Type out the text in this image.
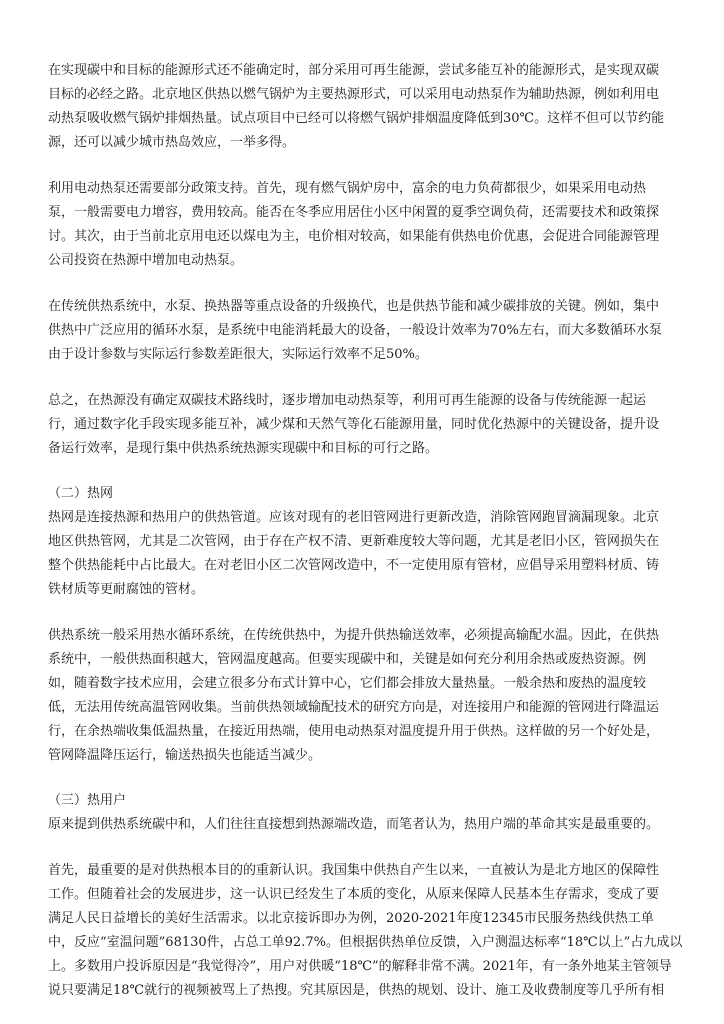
在实现碳中和目标的能源形式还不能确定时，部分采用可再生能源，尝试多能互补的能源形式，是实现双碳
目标的必经之路。北京地区供热以燃气锅炉为主要热源形式，可以采用电动热泵作为辅助热源，例如利用电
动热泵吸收燃气锅炉排烟热量。试点项目中已经可以将燃气锅炉排烟温度降低到30℃。这样不但可以节约能
源，还可以减少城市热岛效应，一举多得。

利用电动热泵还需要部分政策支持。首先，现有燃气锅炉房中，富余的电力负荷都很少，如果采用电动热
泵，一般需要电力增容，费用较高。能否在冬季应用居住小区中闲置的夏季空调负荷，还需要技术和政策探
讨。其次，由于当前北京用电还以煤电为主，电价相对较高，如果能有供热电价优惠，会促进合同能源管理
公司投资在热源中增加电动热泵。

在传统供热系统中，水泵、换热器等重点设备的升级换代，也是供热节能和减少碳排放的关键。例如，集中
供热中广泛应用的循环水泵，是系统中电能消耗最大的设备，一般设计效率为70%左右，而大多数循环水泵
由于设计参数与实际运行参数差距很大，实际运行效率不足50%。

总之，在热源没有确定双碳技术路线时，逐步增加电动热泵等，利用可再生能源的设备与传统能源一起运
行，通过数字化手段实现多能互补，减少煤和天然气等化石能源用量，同时优化热源中的关键设备，提升设
备运行效率，是现行集中供热系统热源实现碳中和目标的可行之路。

（二）热网

热网是连接热源和热用户的供热管道。应该对现有的老旧管网进行更新改造，消除管网跑冒滴漏现象。北京
地区供热管网，尤其是二次管网，由于存在产权不清、更新难度较大等问题，尤其是老旧小区，管网损失在
整个供热能耗中占比最大。在对老旧小区二次管网改造中，不一定使用原有管材，应倡导采用塑料材质、铸
铁材质等更耐腐蚀的管材。

供热系统一般采用热水循环系统，在传统供热中，为提升供热输送效率，必须提高输配水温。因此，在供热
系统中，一般供热面积越大，管网温度越高。但要实现碳中和，关键是如何充分利用余热或废热资源。例
如，随着数字技术应用，会建立很多分布式计算中心，它们都会排放大量热量。一般余热和废热的温度较
低，无法用传统高温管网收集。当前供热领域输配技术的研究方向是，对连接用户和能源的管网进行降温运
行，在余热端收集低温热量，在接近用热端，使用电动热泵对温度提升用于供热。这样做的另一个好处是，
管网降温降压运行，输送热损失也能适当减少。

（三）热用户

原来提到供热系统碳中和，人们往往直接想到热源端改造，而笔者认为，热用户端的革命其实是最重要的。

首先，最重要的是对供热根本目的的重新认识。我国集中供热自产生以来，一直被认为是北方地区的保障性
工作。但随着社会的发展进步，这一认识已经发生了本质的变化，从原来保障人民基本生存需求，变成了要
满足人民日益增长的美好生活需求。以北京接诉即办为例，2020-2021年度12345市民服务热线供热工单
中，反应“室温问题”68130件，占总工单92.7%。但根据供热单位反馈，入户测温达标率“18℃以上”占九成以
上。多数用户投诉原因是“我觉得冷”，用户对供暖“18℃”的解释非常不满。2021年，有一条外地某主管领导
说只要满足18℃就行的视频被骂上了热搜。究其原因是，供热的规划、设计、施工及收费制度等几乎所有相
